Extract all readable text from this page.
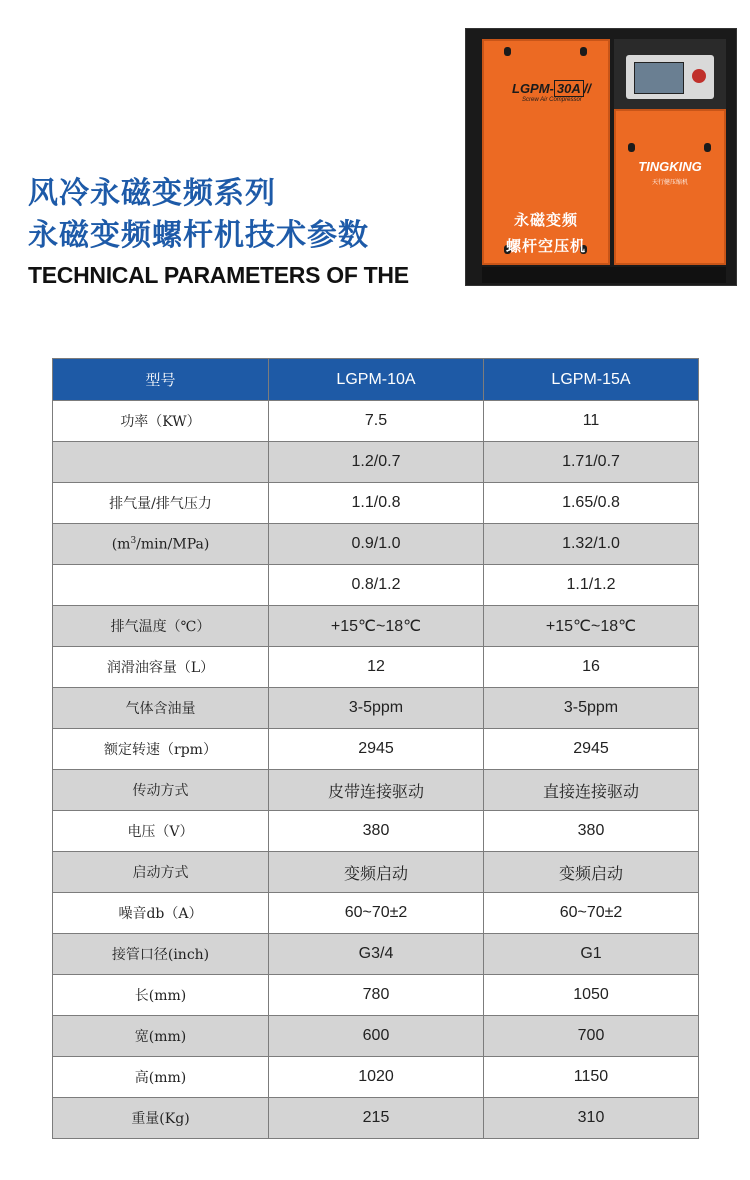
风冷永磁变频系列
永磁变频螺杆机技术参数
TECHNICAL PARAMETERS OF THE
LGPM- 30A //
Screw Air Compressor
永磁变频
螺杆空压机
TINGKING
天行健压缩机
型号	LGPM-10A	LGPM-15A
功率（KW）	7.5	11
	1.2/0.7	1.71/0.7
排气量/排气压力	1.1/0.8	1.65/0.8
$(m^3/\min/MPa)$	0.9/1.0	1.32/1.0
	0.8/1.2	1.1/1.2
排气温度（℃）	+15℃~18℃	+15℃~18℃
润滑油容量（L）	12	16
气体含油量	3-5ppm	3-5ppm
额定转速（rpm）	2945	2945
传动方式	皮带连接驱动	直接连接驱动
电压（V）	380	380
启动方式	变频启动	变频启动
噪音db（A）	60~70±2	60~70±2
接管口径(inch)	G3/4	G1
长(mm)	780	1050
宽(mm)	600	700
高(mm)	1020	1150
重量(Kg)	215	310
